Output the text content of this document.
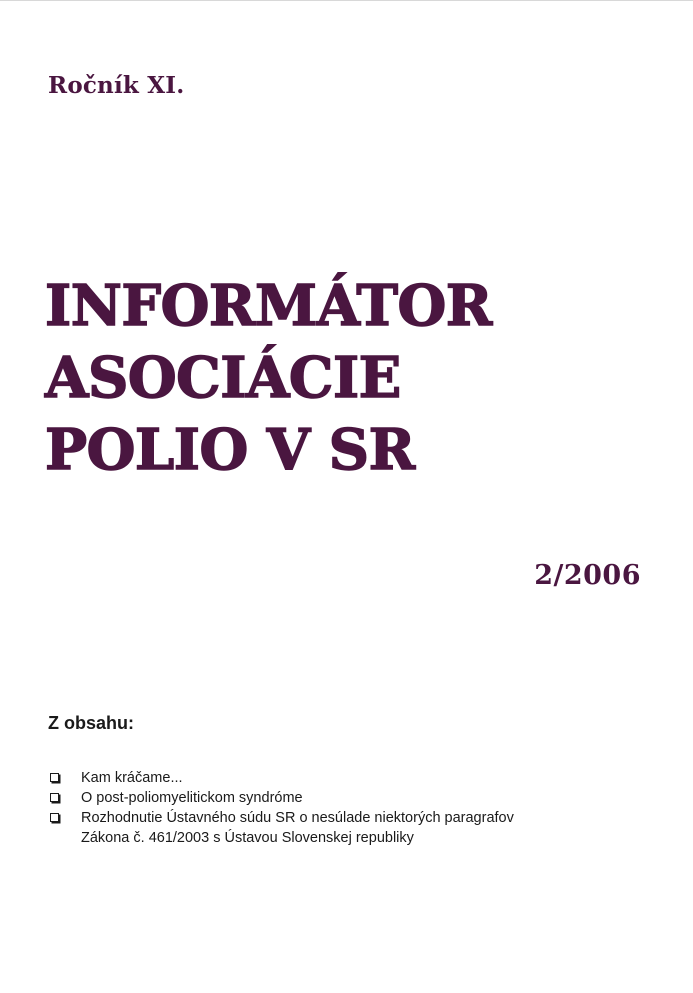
Ročník XI.
INFORMÁTOR
ASOCIÁCIE
POLIO V SR
2/2006
Z obsahu:
Kam kráčame...
O post-poliomyelitickom syndróme
Rozhodnutie Ústavného súdu SR o nesúlade niektorých paragrafov
Zákona č. 461/2003 s Ústavou Slovenskej republiky
